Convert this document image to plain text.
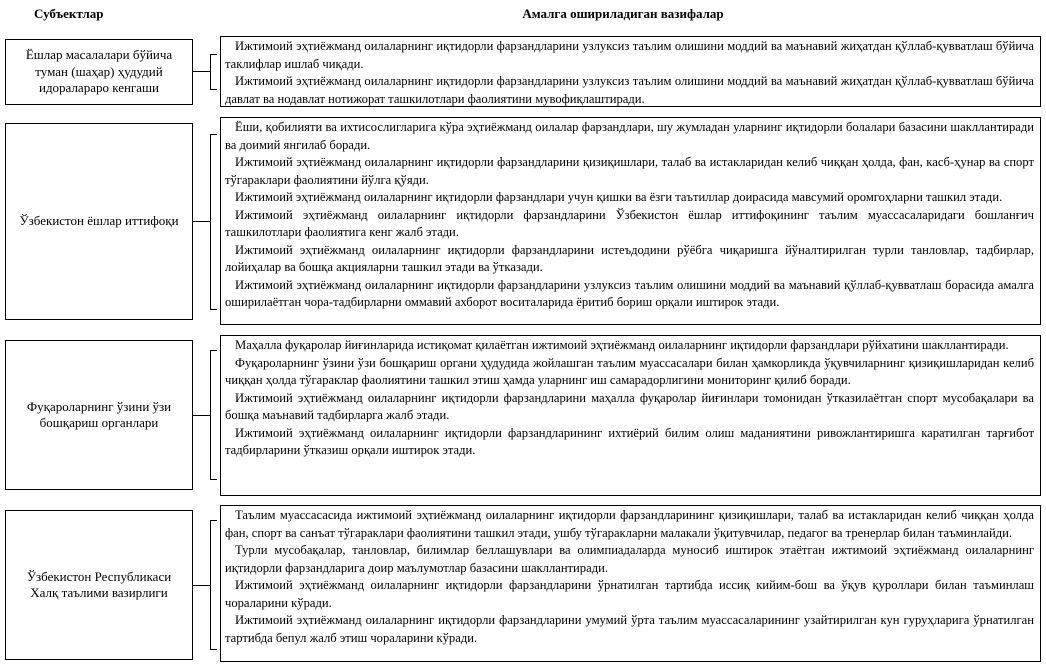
Субъектлар	Амалга ошириладиган вазифалар
Ёшлар масалалари бўйича туман (шаҳар) ҳудудий идоралараро кенгаши

Ижтимоий эҳтиёжманд оилаларнинг иқтидорли фарзандларини узлуксиз таълим олишини моддий ва маънавий жиҳатдан қўллаб-қувватлаш бўйича таклифлар ишлаб чиқади.

Ижтимоий эҳтиёжманд оилаларнинг иқтидорли фарзандларини узлуксиз таълим олишини моддий ва маънавий жиҳатдан қўллаб-қувватлаш бўйича давлат ва нодавлат нотижорат ташкилотлари фаолиятини мувофиқлаштиради.

Ўзбекистон ёшлар иттифоқи

Ёши, қобилияти ва ихтисослигларига кўра эҳтиёжманд оилалар фарзандлари, шу жумладан уларнинг иқтидорли болалари базасини шакллантиради ва доимий янгилаб боради.

Ижтимоий эҳтиёжманд оилаларнинг иқтидорли фарзандларини қизиқишлари, талаб ва истакларидан келиб чиққан ҳолда, фан, касб-ҳунар ва спорт тўгараклари фаолиятини йўлга қўяди.

Ижтимоий эҳтиёжманд оилаларнинг иқтидорли фарзандлари учун қишки ва ёзги таътиллар доирасида мавсумий оромгоҳларни ташкил этади.

Ижтимоий эҳтиёжманд оилаларнинг иқтидорли фарзандларини Ўзбекистон ёшлар иттифоқининг таълим муассасаларидаги бошланғич ташкилотлари фаолиятига кенг жалб этади.

Ижтимоий эҳтиёжманд оилаларнинг иқтидорли фарзандларини истеъдодини рўёбга чиқаришга йўналтирилган турли танловлар, тадбирлар, лойиҳалар ва бошқа акцияларни ташкил этади ва ўтказади.

Ижтимоий эҳтиёжманд оилаларнинг иқтидорли фарзандларини узлуксиз таълим олишини моддий ва маънавий қўллаб-қувватлаш борасида амалга оширилаётган чора-тадбирларни оммавий ахборот воситаларида ёритиб бориш орқали иштирок этади.

Фуқароларнинг ўзини ўзи бошқариш органлари

Маҳалла фуқаролар йиғинларида истиқомат қилаётган ижтимоий эҳтиёжманд оилаларнинг иқтидорли фарзандлари рўйхатини шакллантиради.

Фуқароларнинг ўзини ўзи бошқариш органи ҳудудида жойлашган таълим муассасалари билан ҳамкорликда ўқувчиларнинг қизиқишларидан келиб чиққан ҳолда тўгараклар фаолиятини ташкил этиш ҳамда уларнинг иш самарадорлигини мониторинг қилиб боради.

Ижтимоий эҳтиёжманд оилаларнинг иқтидорли фарзандларини маҳалла фуқаролар йиғинлари томонидан ўтказилаётган спорт мусобақалари ва бошқа маънавий тадбирларга жалб этади.

Ижтимоий эҳтиёжманд оилаларнинг иқтидорли фарзандларининг ихтиёрий билим олиш маданиятини ривожлантиришга каратилган тарғибот тадбирларини ўтказиш орқали иштирок этади.

Ўзбекистон Республикаси Халқ таълими вазирлиги

Таълим муассасасида ижтимоий эҳтиёжманд оилаларнинг иқтидорли фарзандларининг қизиқишлари, талаб ва истакларидан келиб чиққан ҳолда фан, спорт ва санъат тўгараклари фаолиятини ташкил этади, ушбу тўгаракларни малакали ўқитувчилар, педагог ва тренерлар билан таъминлайди.

Турли мусобақалар, танловлар, билимлар беллашувлари ва олимпиадаларда муносиб иштирок этаётган ижтимоий эҳтиёжманд оилаларнинг иқтидорли фарзандларига доир маълумотлар базасини шакллантиради.

Ижтимоий эҳтиёжманд оилаларнинг иқтидорли фарзандларини ўрнатилган тартибда иссиқ кийим-бош ва ўқув қуроллари билан таъминлаш чораларини кўради.

Ижтимоий эҳтиёжманд оилаларнинг иқтидорли фарзандларини умумий ўрта таълим муассасаларининг узайтирилган кун гуруҳларига ўрнатилган тартибда бепул жалб этиш чораларини кўради.
